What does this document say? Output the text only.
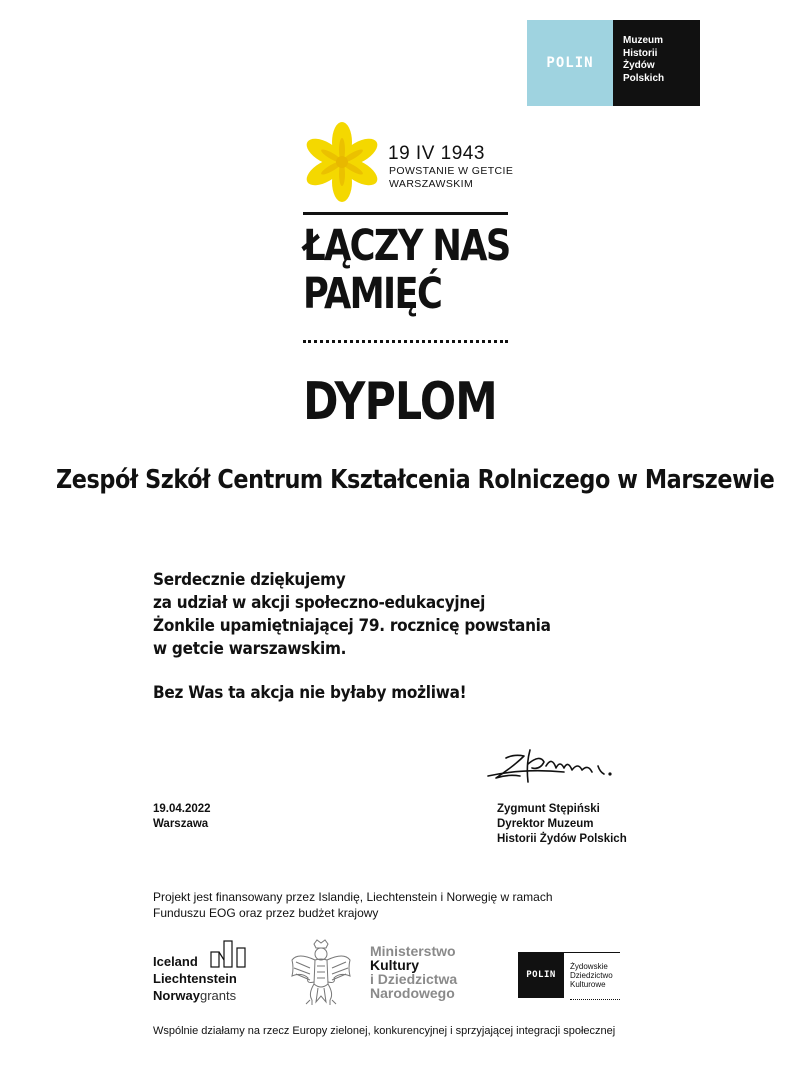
POLIN
Muzeum
Historii
Żydów
Polskich
19 IV 1943
POWSTANIE W GETCIE
WARSZAWSKIM
ŁĄCZY NAS
PAMIĘĆ
DYPLOM
Zespół Szkół Centrum Kształcenia Rolniczego w Marszewie
Serdecznie dziękujemy
za udział w akcji społeczno-edukacyjnej
Żonkile upamiętniającej 79. rocznicę powstania
w getcie warszawskim.
Bez Was ta akcja nie byłaby możliwa!
19.04.2022
Warszawa
Zygmunt Stępiński
Dyrektor Muzeum
Historii Żydów Polskich
Projekt jest finansowany przez Islandię, Liechtenstein i Norwegię w ramach
Funduszu EOG oraz przez budżet krajowy
Iceland
Liechtenstein
Norwaygrants
Ministerstwo
Kultury
i Dziedzictwa
Narodowego
POLIN
Żydowskie
Dziedzictwo
Kulturowe
Wspólnie działamy na rzecz Europy zielonej, konkurencyjnej i sprzyjającej integracji społecznej
